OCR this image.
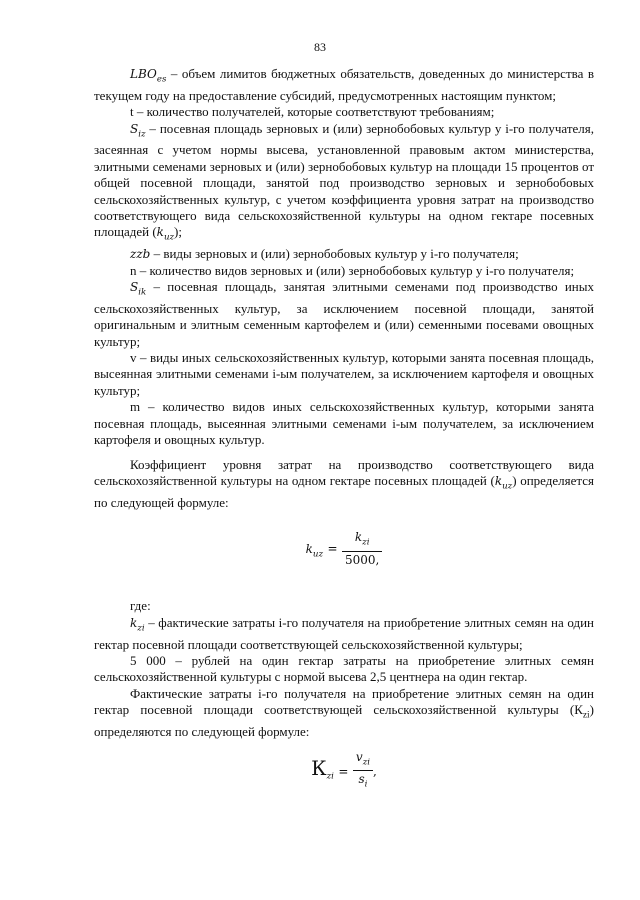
83

$LBO_{es}$ – объем лимитов бюджетных обязательств, доведенных до министерства в текущем году на предоставление субсидий, предусмотренных настоящим пунктом;

t – количество получателей, которые соответствуют требованиям;

$S_{iz}$ – посевная площадь зерновых и (или) зернобобовых культур у i-го получателя, засеянная с учетом нормы высева, установленной правовым актом министерства, элитными семенами зерновых и (или) зернобобовых культур на площади 15 процентов от общей посевной площади, занятой под производство зерновых и зернобобовых сельскохозяйственных культур, с учетом коэффициента уровня затрат на производство соответствующего вида сельскохозяйственной культуры на одном гектаре посевных площадей $(k_{uz})$;

zzb – виды зерновых и (или) зернобобовых культур у i-го получателя;

n – количество видов зерновых и (или) зернобобовых культур у i-го получателя;

$S_{ik}$ – посевная площадь, занятая элитными семенами под производство иных сельскохозяйственных культур, за исключением посевной площади, занятой оригинальным и элитным семенным картофелем и (или) семенными посевами овощных культур;

v – виды иных сельскохозяйственных культур, которыми занята посевная площадь, высеянная элитными семенами i-ым получателем, за исключением картофеля и овощных культур;

m – количество видов иных сельскохозяйственных культур, которыми занята посевная площадь, высеянная элитными семенами i-ым получателем, за исключением картофеля и овощных культур.

Коэффициент уровня затрат на производство соответствующего вида сельскохозяйственной культуры на одном гектаре посевных площадей $(k_{uz})$ определяется по следующей формуле:

$k_{uz} = \frac{k_{zi}}{5000,}$

где:

$k_{zi}$ – фактические затраты i-го получателя на приобретение элитных семян на один гектар посевной площади соответствующей сельскохозяйственной культуры;

5 000 – рублей на один гектар затраты на приобретение элитных семян сельскохозяйственной культуры с нормой высева 2,5 центнера на один гектар.

Фактические затраты i-го получателя на приобретение элитных семян на один гектар посевной площади соответствующей сельскохозяйственной культуры $(К_{zi})$ определяются по следующей формуле:

$К_{zi} = \frac{v_{zi}}{s_i}$ ,
